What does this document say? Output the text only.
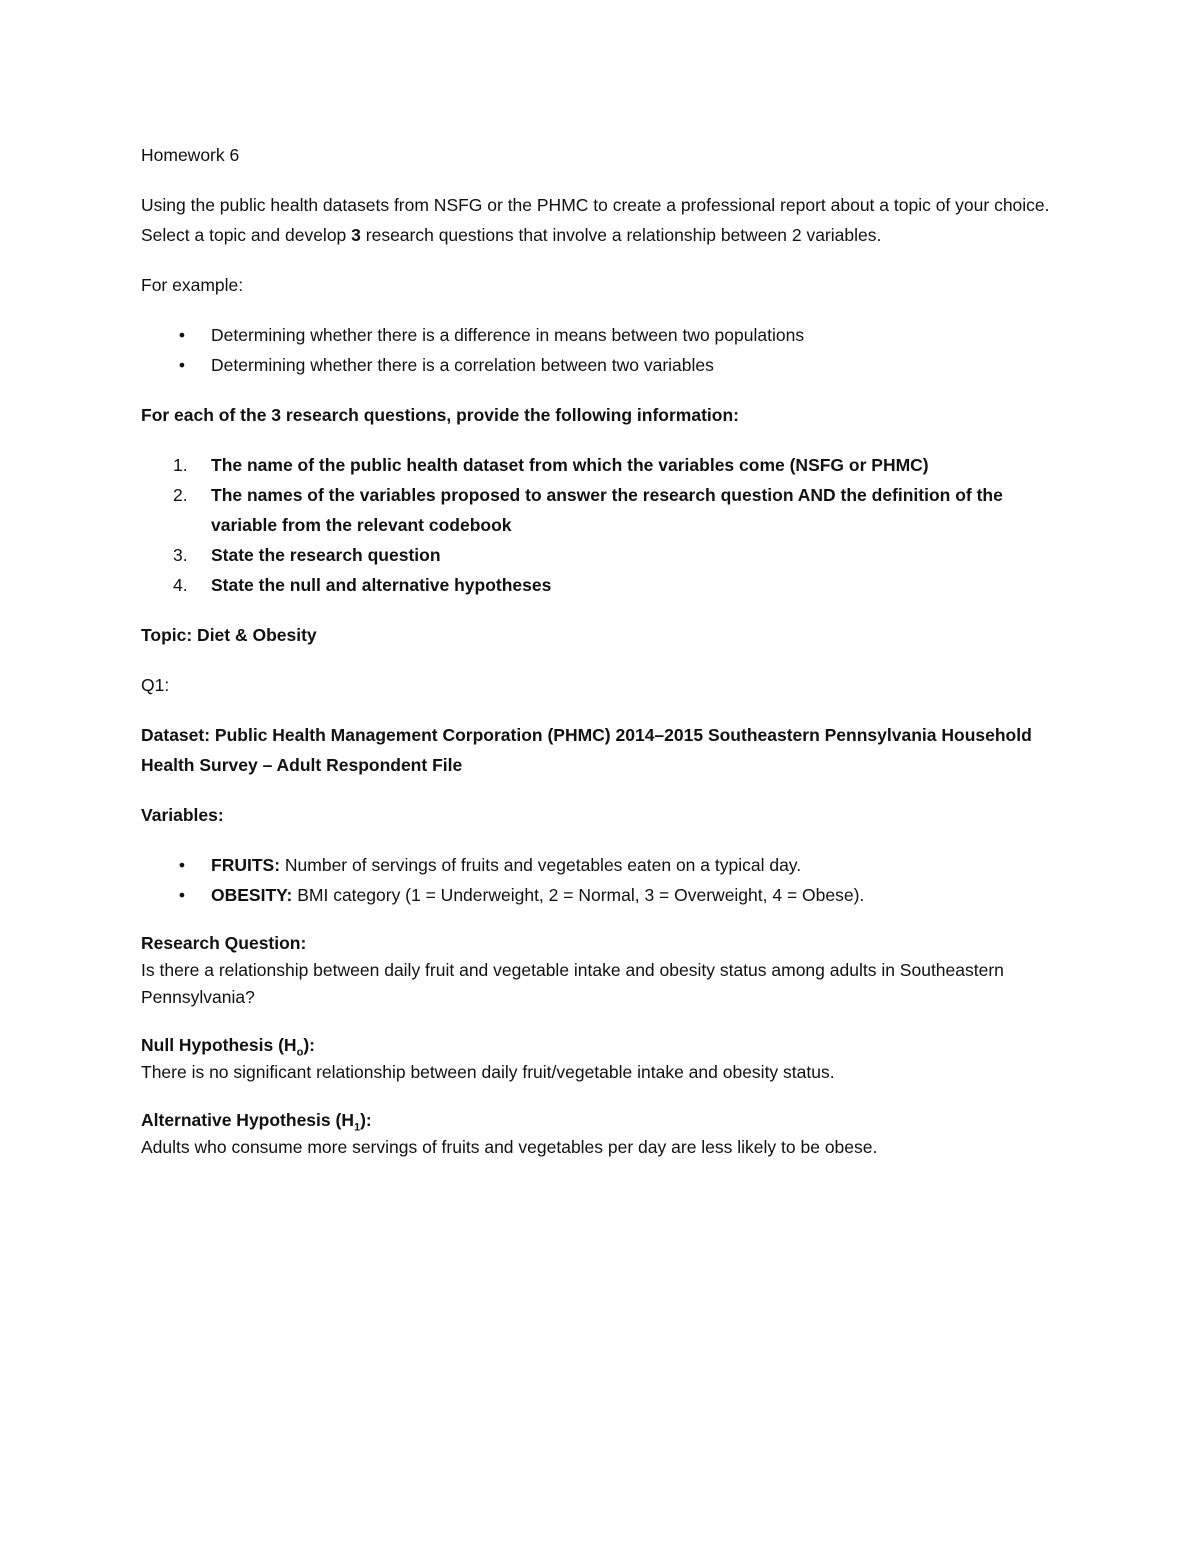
Homework 6

Using the public health datasets from NSFG or the PHMC to create a professional report about a topic of your choice. Select a topic and develop 3 research questions that involve a relationship between 2 variables.

For example:

•	Determining whether there is a difference in means between two populations
•	Determining whether there is a correlation between two variables

For each of the 3 research questions, provide the following information:

1.	The name of the public health dataset from which the variables come (NSFG or PHMC)
2.	The names of the variables proposed to answer the research question AND the definition of the variable from the relevant codebook
3.	State the research question
4.	State the null and alternative hypotheses

Topic: Diet & Obesity

Q1:

Dataset: Public Health Management Corporation (PHMC) 2014–2015 Southeastern Pennsylvania Household Health Survey – Adult Respondent File

Variables:

•	FRUITS: Number of servings of fruits and vegetables eaten on a typical day.
•	OBESITY: BMI category (1 = Underweight, 2 = Normal, 3 = Overweight, 4 = Obese).
Research Question:
Is there a relationship between daily fruit and vegetable intake and obesity status among adults in Southeastern Pennsylvania?
Null Hypothesis $(H_o)$:
There is no significant relationship between daily fruit/vegetable intake and obesity status.
Alternative Hypothesis $(H_1)$:
Adults who consume more servings of fruits and vegetables per day are less likely to be obese.
